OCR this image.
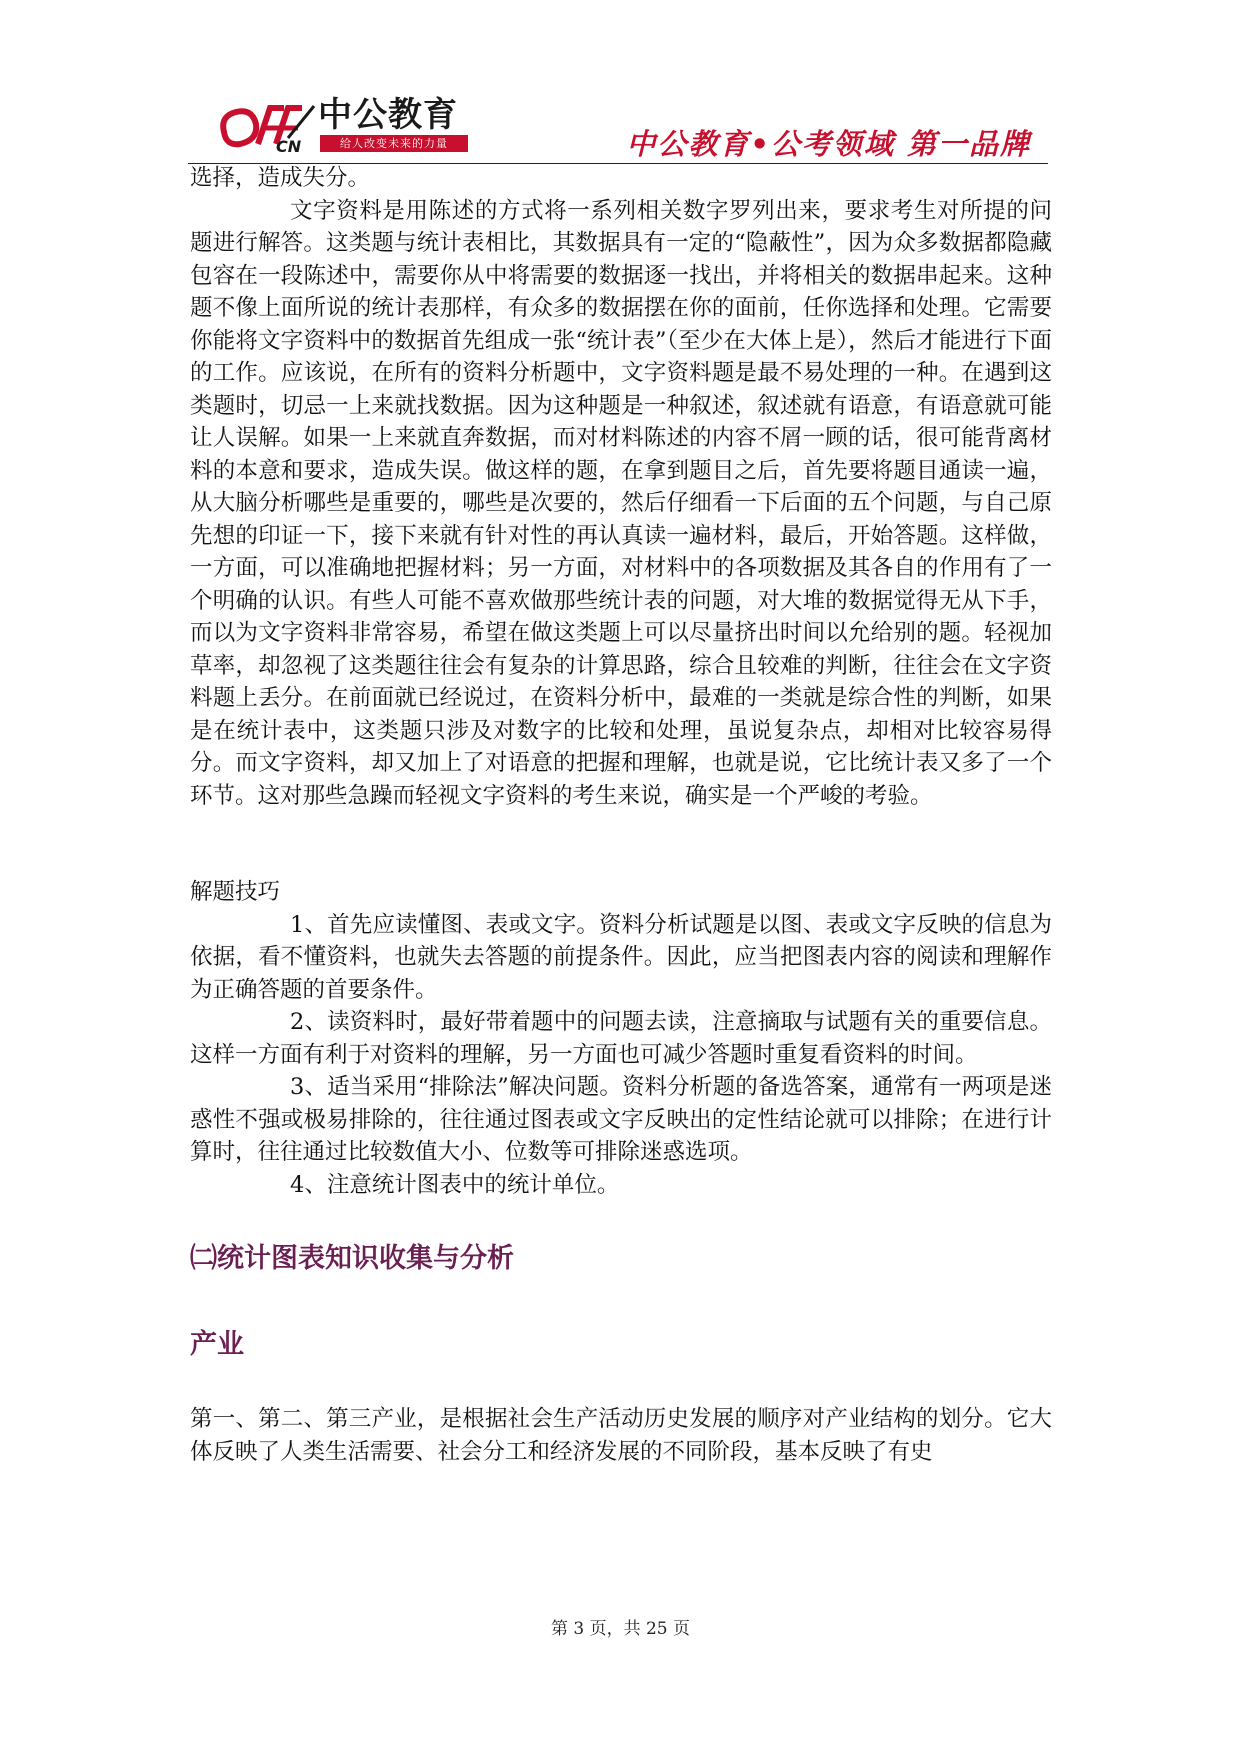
CN
中公教育
给人改变未来的力量	中公教育•公考领域 第一品牌

选择，造成失分。

文字资料是用陈述的方式将一系列相关数字罗列出来，要求考生对所提的问题进行解答。这类题与统计表相比，其数据具有一定的“隐蔽性”，因为众多数据都隐藏包容在一段陈述中，需要你从中将需要的数据逐一找出，并将相关的数据串起来。这种题不像上面所说的统计表那样，有众多的数据摆在你的面前，任你选择和处理。它需要你能将文字资料中的数据首先组成一张“统计表”（至少在大体上是），然后才能进行下面的工作。应该说，在所有的资料分析题中，文字资料题是最不易处理的一种。在遇到这类题时，切忌一上来就找数据。因为这种题是一种叙述，叙述就有语意，有语意就可能让人误解。如果一上来就直奔数据，而对材料陈述的内容不屑一顾的话，很可能背离材料的本意和要求，造成失误。做这样的题，在拿到题目之后，首先要将题目通读一遍，从大脑分析哪些是重要的，哪些是次要的，然后仔细看一下后面的五个问题，与自己原先想的印证一下，接下来就有针对性的再认真读一遍材料，最后，开始答题。这样做，一方面，可以准确地把握材料；另一方面，对材料中的各项数据及其各自的作用有了一个明确的认识。有些人可能不喜欢做那些统计表的问题，对大堆的数据觉得无从下手，而以为文字资料非常容易，希望在做这类题上可以尽量挤出时间以允给别的题。轻视加草率，却忽视了这类题往往会有复杂的计算思路，综合且较难的判断，往往会在文字资料题上丢分。在前面就已经说过，在资料分析中，最难的一类就是综合性的判断，如果是在统计表中，这类题只涉及对数字的比较和处理，虽说复杂点，却相对比较容易得分。而文字资料，却又加上了对语意的把握和理解，也就是说，它比统计表又多了一个环节。这对那些急躁而轻视文字资料的考生来说，确实是一个严峻的考验。

解题技巧

1、首先应读懂图、表或文字。资料分析试题是以图、表或文字反映的信息为依据，看不懂资料，也就失去答题的前提条件。因此，应当把图表内容的阅读和理解作为正确答题的首要条件。

2、读资料时，最好带着题中的问题去读，注意摘取与试题有关的重要信息。这样一方面有利于对资料的理解，另一方面也可减少答题时重复看资料的时间。

3、适当采用“排除法”解决问题。资料分析题的备选答案，通常有一两项是迷惑性不强或极易排除的，往往通过图表或文字反映出的定性结论就可以排除；在进行计算时，往往通过比较数值大小、位数等可排除迷惑选项。

4、注意统计图表中的统计单位。

㈡统计图表知识收集与分析
产业

第一、第二、第三产业，是根据社会生产活动历史发展的顺序对产业结构的划分。它大体反映了人类生活需要、社会分工和经济发展的不同阶段，基本反映了有史

第 3 页，共 25 页
